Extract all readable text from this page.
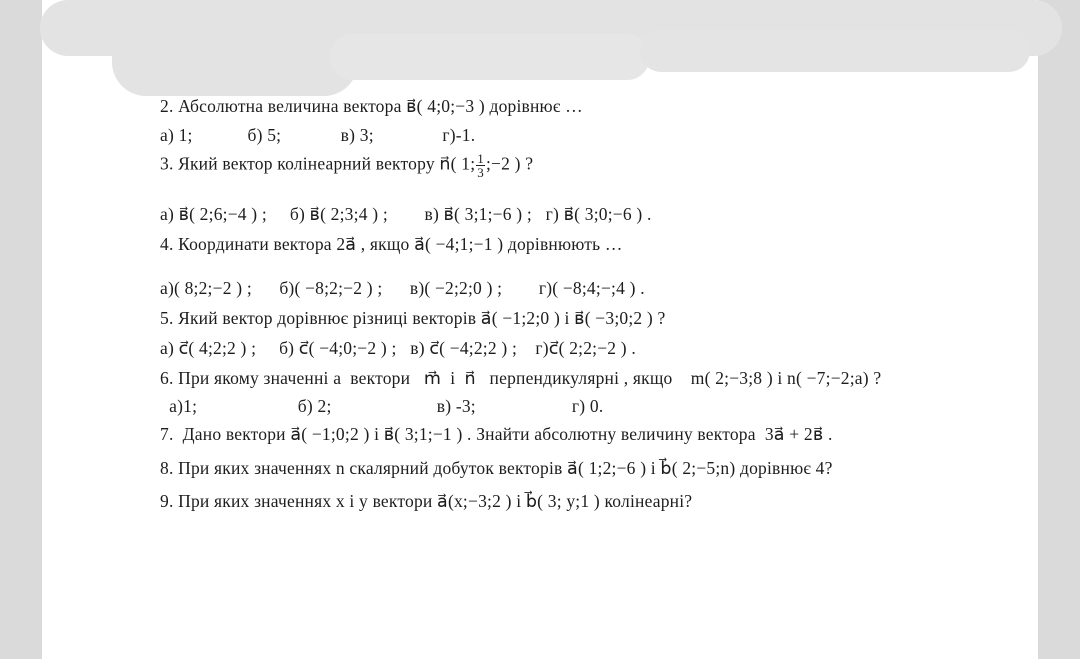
2. Абсолютна величина вектора в⃗( 4;0;−3 ) дорівнює …

а) 1;            б) 5;             в) 3;               г)-1.

3. Який вектор колінеарний вектору n⃗( 1; $\frac{1}{3}$ ;−2 ) ?

а) в⃗( 2;6;−4 ) ;     б) в⃗( 2;3;4 ) ;        в) в⃗( 3;1;−6 ) ;   г) в⃗( 3;0;−6 ) .

4. Координати вектора 2a⃗ , якщо a⃗( −4;1;−1 ) дорівнюють …

а)( 8;2;−2 ) ;      б)( −8;2;−2 ) ;      в)( −2;2;0 ) ;        г)( −8;4;−;4 ) .

5. Який вектор дорівнює різниці векторів a⃗( −1;2;0 ) і в⃗( −3;0;2 ) ?

а) c⃗( 4;2;2 ) ;     б) c⃗( −4;0;−2 ) ;   в) c⃗( −4;2;2 ) ;    г)c⃗( 2;2;−2 ) .

6. При якому значенні а  вектори   m⃗  і  n⃗   перпендикулярні , якщо    m( 2;−3;8 ) і n( −7;−2;a) ?

а)1;                      б) 2;                       в) -3;                     г) 0.

7.  Дано вектори a⃗( −1;0;2 ) і в⃗( 3;1;−1 ) . Знайти абсолютну величину вектора  3a⃗ + 2в⃗ .

8. При яких значеннях n скалярний добуток векторів a⃗( 1;2;−6 ) і b⃗( 2;−5;n) дорівнює 4?

9. При яких значеннях x і y вектори a⃗(x;−3;2 ) і b⃗( 3; y;1 ) колінеарні?
